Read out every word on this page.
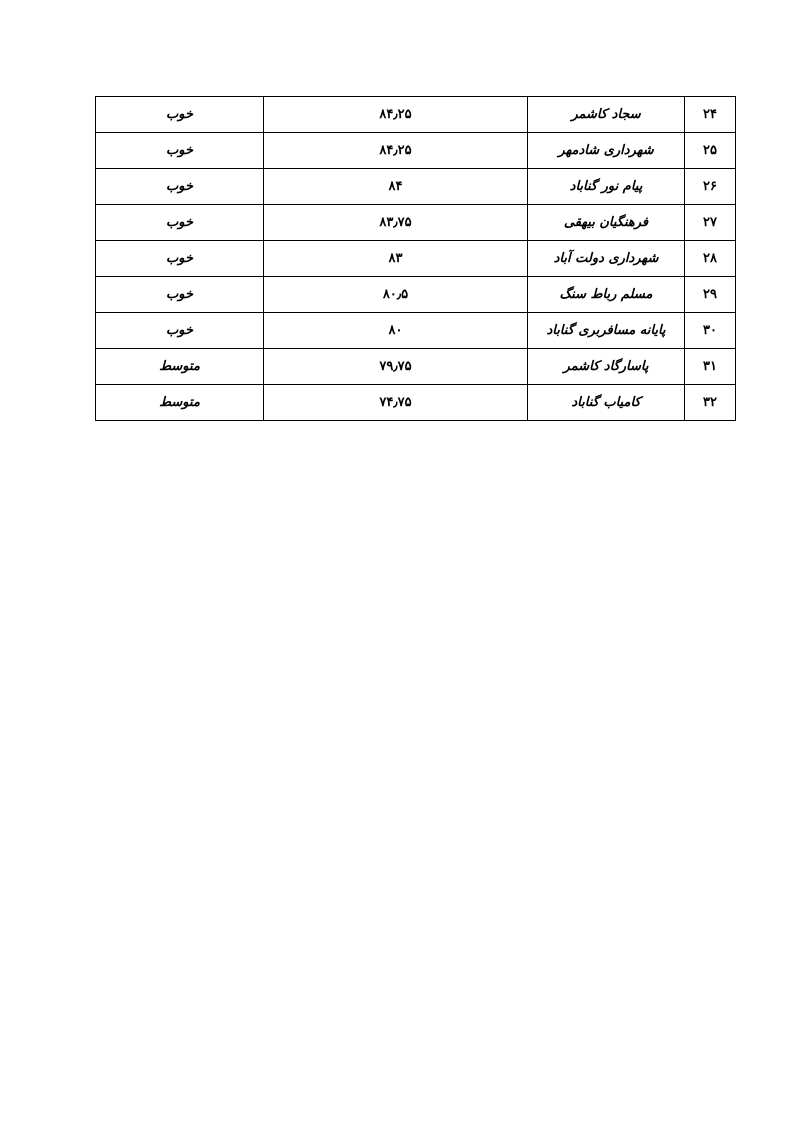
۲۴	سجاد کاشمر	۸۴٫۲۵	خوب
۲۵	شهرداری شادمهر	۸۴٫۲۵	خوب
۲۶	پیام نور گناباد	۸۴	خوب
۲۷	فرهنگیان بیهقی	۸۳٫۷۵	خوب
۲۸	شهرداری دولت آباد	۸۳	خوب
۲۹	مسلم رباط سنگ	۸۰٫۵	خوب
۳۰	پایانه مسافربری گناباد	۸۰	خوب
۳۱	پاسارگاد کاشمر	۷۹٫۷۵	متوسط
۳۲	کامیاب گناباد	۷۴٫۷۵	متوسط
